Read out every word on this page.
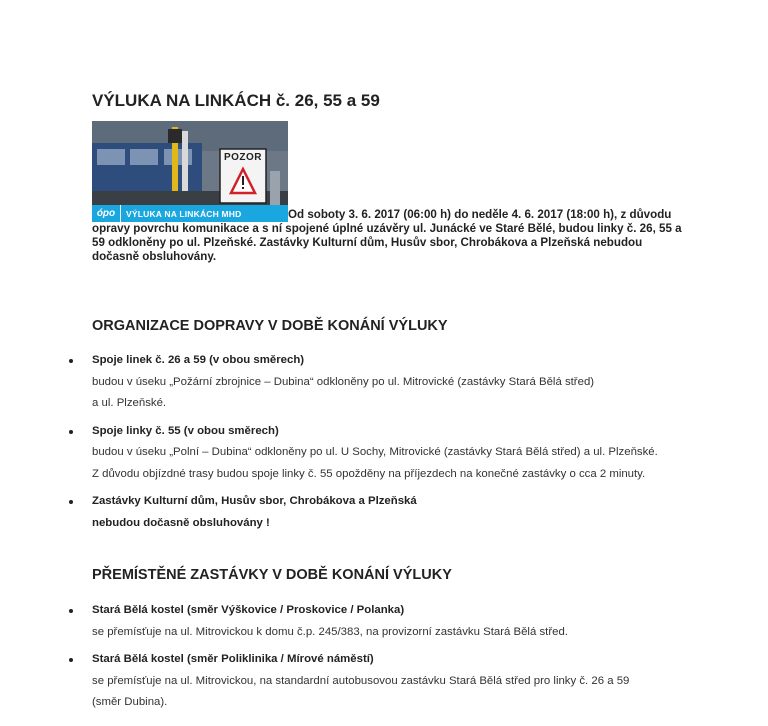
VÝLUKA NA LINKÁCH č. 26, 55 a 59
POZOR
ópo	VÝLUKA NA LINKÁCH MHD	Od soboty 3. 6. 2017 (06:00 h) do neděle 4. 6. 2017 (18:00 h), z důvodu opravy povrchu komunikace a s ní spojené úplné uzávěry ul. Junácké ve Staré Bělé, budou linky č. 26, 55 a 59 odkloněny po ul. Plzeňské. Zastávky Kulturní dům, Husův sbor, Chrobákova a Plzeňská nebudou dočasně obsluhovány.
ORGANIZACE DOPRAVY V DOBĚ KONÁNÍ VÝLUKY
Spoje linek č. 26 a 59 (v obou směrech)
budou v úseku „Požární zbrojnice – Dubina“ odkloněny po ul. Mitrovické (zastávky Stará Bělá střed)
a ul. Plzeňské.
Spoje linky č. 55 (v obou směrech)
budou v úseku „Polní – Dubina“ odkloněny po ul. U Sochy, Mitrovické (zastávky Stará Bělá střed) a ul. Plzeňské.
Z důvodu objízdné trasy budou spoje linky č. 55 opožděny na příjezdech na konečné zastávky o cca 2 minuty.
Zastávky Kulturní dům, Husův sbor, Chrobákova a Plzeňská
nebudou dočasně obsluhovány !
PŘEMÍSTĚNÉ ZASTÁVKY V DOBĚ KONÁNÍ VÝLUKY
Stará Bělá kostel (směr Výškovice / Proskovice / Polanka)
se přemísťuje na ul. Mitrovickou k domu č.p. 245/383, na provizorní zastávku Stará Bělá střed.
Stará Bělá kostel (směr Poliklinika / Mírové náměstí)
se přemísťuje na ul. Mitrovickou, na standardní autobusovou zastávku Stará Bělá střed pro linky č. 26 a 59
(směr Dubina).
